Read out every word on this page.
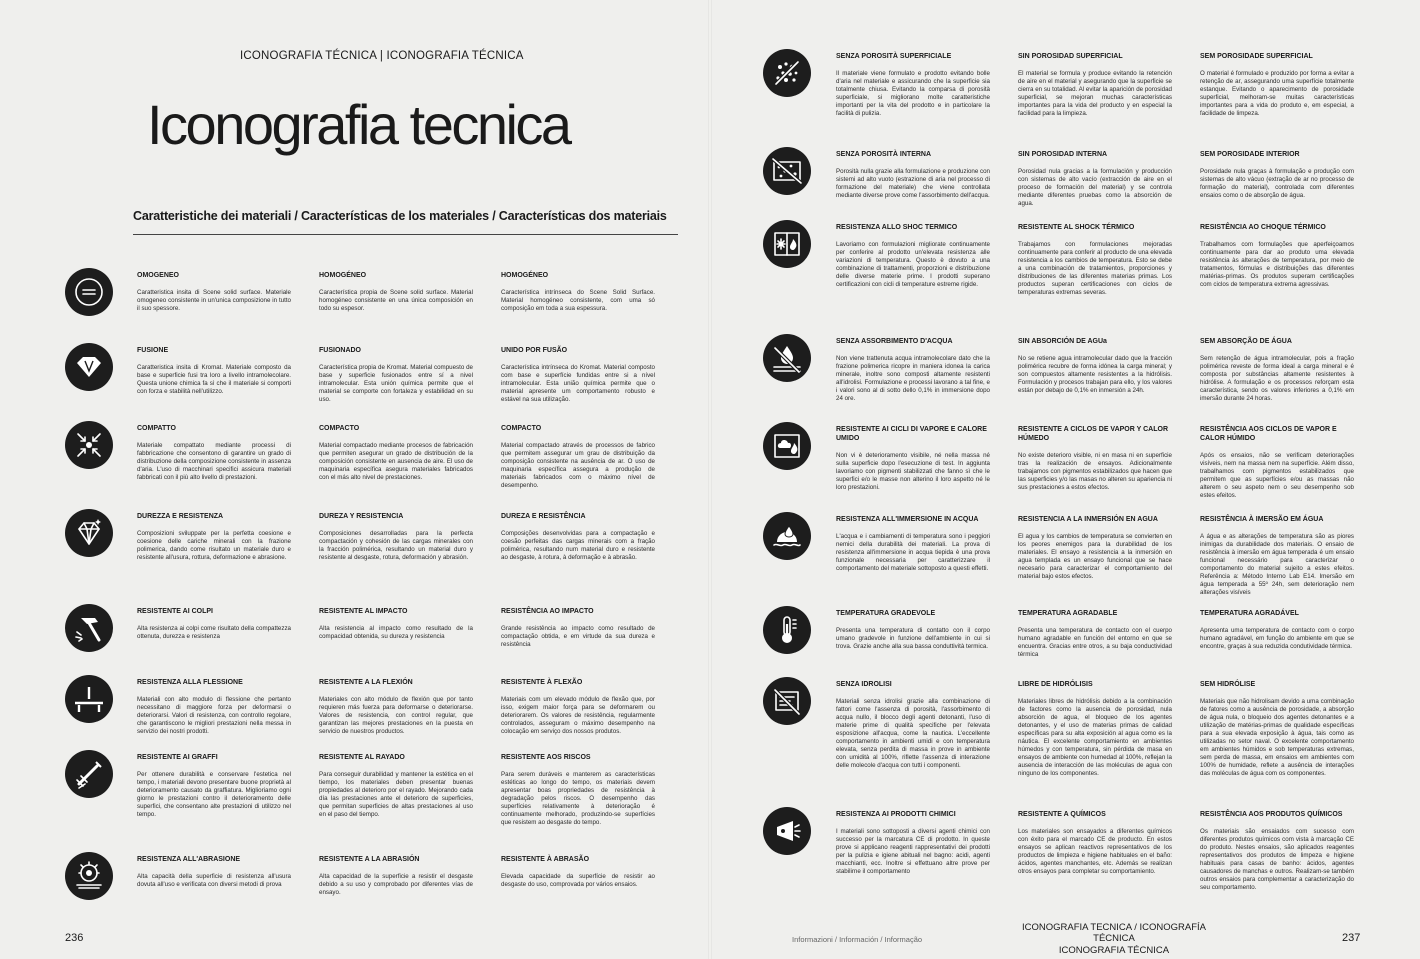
ICONOGRAFIA TÉCNICA | ICONOGRAFIA TÉCNICA
Iconografia tecnica
Caratteristiche dei materiali / Características de los materiales / Características dos materiais

OMOGENEO

Caratteristica insita di Scene solid surface. Materiale omogeneo consistente in un'unica composizione in tutto il suo spessore.

HOMOGÉNEO

Característica propia de Scene solid surface. Material homogéneo consistente en una única composición en todo su espesor.

HOMOGÉNEO

Característica intrínseca do Scene Solid Surface. Material homogéneo consistente, com uma só composição em toda a sua espessura.

FUSIONE

Caratteristica insita di Kromat. Materiale composto da base e superficie fusi tra loro a livello intramolecolare. Questa unione chimica fa sì che il materiale si comporti con forza e stabilità nell'utilizzo.

FUSIONADO

Característica propia de Kromat. Material compuesto de base y superficie fusionados entre sí a nivel intramolecular. Esta unión química permite que el material se comporte con fortaleza y estabilidad en su uso.

UNIDO POR FUSÃO

Característica intrínseca do Kromat. Material composto com base e superfície fundidas entre si a nível intramolecular. Esta união química permite que o material apresente um comportamento robusto e estável na sua utilização.

COMPATTO

Materiale compattato mediante processi di fabbricazione che consentono di garantire un grado di distribuzione della composizione consistente in assenza d'aria. L'uso di macchinari specifici assicura materiali fabbricati con il più alto livello di prestazioni.

COMPACTO

Material compactado mediante procesos de fabricación que permiten asegurar un grado de distribución de la composición consistente en ausencia de aire. El uso de maquinaria específica asegura materiales fabricados con el más alto nivel de prestaciones.

COMPACTO

Material compactado através de processos de fabrico que permitem assegurar um grau de distribuição da composição consistente na ausência de ar. O uso de maquinaria específica assegura a produção de materiais fabricados com o máximo nível de desempenho.

DUREZZA E RESISTENZA

Composizioni sviluppate per la perfetta coesione e coesione delle cariche minerali con la frazione polimerica, dando come risultato un materiale duro e resistente all'usura, rottura, deformazione e abrasione.

DUREZA Y RESISTENCIA

Composiciones desarrolladas para la perfecta compactación y cohesión de las cargas minerales con la fracción polimérica, resultando un material duro y resistente al desgaste, rotura, deformación y abrasión.

DUREZA E RESISTÊNCIA

Composições desenvolvidas para a compactação e coesão perfeitas das cargas minerais com a fração polimérica, resultando num material duro e resistente ao desgaste, à rotura, à deformação e à abrasão.

RESISTENTE AI COLPI

Alta resistenza ai colpi come risultato della compattezza ottenuta, durezza e resistenza

RESISTENTE AL IMPACTO

Alta resistencia al impacto como resultado de la compacidad obtenida, su dureza y resistencia

RESISTÊNCIA AO IMPACTO

Grande resistência ao impacto como resultado de compactação obtida, e em virtude da sua dureza e resistência

RESISTENZA ALLA FLESSIONE

Materiali con alto modulo di flessione che pertanto necessitano di maggiore forza per deformarsi o deteriorarsi. Valori di resistenza, con controllo regolare, che garantiscono le migliori prestazioni nella messa in servizio dei nostri prodotti.

RESISTENTE A LA FLEXIÓN

Materiales con alto módulo de flexión que por tanto requieren más fuerza para deformarse o deteriorarse. Valores de resistencia, con control regular, que garantizan las mejores prestaciones en la puesta en servicio de nuestros productos.

RESISTENTE À FLEXÃO

Materiais com um elevado módulo de flexão que, por isso, exigem maior força para se deformarem ou deteriorarem. Os valores de resistência, regularmente controlados, asseguram o máximo desempenho na colocação em serviço dos nossos produtos.

RESISTENTE AI GRAFFI

Per ottenere durabilità e conservare l'estetica nel tempo, i materiali devono presentare buone proprietà al deterioramento causato da graffiatura. Miglioriamo ogni giorno le prestazioni contro il deterioramento delle superfici, che consentano alte prestazioni di utilizzo nel tempo.

RESISTENTE AL RAYADO

Para conseguir durabilidad y mantener la estética en el tiempo, los materiales deben presentar buenas propiedades al deterioro por el rayado. Mejorando cada día las prestaciones ante el deterioro de superficies, que permitan superficies de altas prestaciones al uso en el paso del tiempo.

RESISTENTE AOS RISCOS

Para serem duráveis e manterem as características estéticas ao longo do tempo, os materiais devem apresentar boas propriedades de resistência à degradação pelos riscos. O desempenho das superfícies relativamente à deterioração é continuamente melhorado, produzindo-se superfícies que resistem ao desgaste do tempo.

RESISTENZA ALL'ABRASIONE

Alta capacità della superficie di resistenza all'usura dovuta all'uso e verificata con diversi metodi di prova

RESISTENTE A LA ABRASIÓN

Alta capacidad de la superficie a resistir el desgaste debido a su uso y comprobado por diferentes vías de ensayo.

RESISTENTE À ABRASÃO

Elevada capacidade da superfície de resistir ao desgaste do uso, comprovada por vários ensaios.

236

SENZA POROSITÀ SUPERFICIALE

Il materiale viene formulato e prodotto evitando bolle d'aria nel materiale e assicurando che la superficie sia totalmente chiusa. Evitando la comparsa di porosità superficiale, si migliorano molte caratteristiche importanti per la vita del prodotto e in particolare la facilità di pulizia.

SIN POROSIDAD SUPERFICIAL

El material se formula y produce evitando la retención de aire en el material y asegurando que la superficie se cierra en su totalidad. Al evitar la aparición de porosidad superficial, se mejoran muchas características importantes para la vida del producto y en especial la facilidad para la limpieza.

SEM POROSIDADE SUPERFICIAL

O material é formulado e produzido por forma a evitar a retenção de ar, assegurando uma superfície totalmente estanque. Evitando o aparecimento de porosidade superficial, melhoram-se muitas características importantes para a vida do produto e, em especial, a facilidade de limpeza.

SENZA POROSITÀ INTERNA

Porosità nulla grazie alla formulazione e produzione con sistemi ad alto vuoto (estrazione di aria nel processo di formazione del materiale) che viene controllata mediante diverse prove come l'assorbimento dell'acqua.

SIN POROSIDAD INTERNA

Porosidad nula gracias a la formulación y producción con sistemas de alto vacío (extracción de aire en el proceso de formación del material) y se controla mediante diferentes pruebas como la absorción de agua.

SEM POROSIDADE INTERIOR

Porosidade nula graças à formulação e produção com sistemas de alto vácuo (extração de ar no processo de formação do material), controlada com diferentes ensaios como o de absorção de água.

RESISTENZA ALLO SHOC TERMICO

Lavoriamo con formulazioni migliorate continuamente per conferire al prodotto un'elevata resistenza alle variazioni di temperatura. Questo è dovuto a una combinazione di trattamenti, proporzioni e distribuzione delle diverse materie prime. I prodotti superano certificazioni con cicli di temperature estreme rigide.

RESISTENTE AL SHOCK TÉRMICO

Trabajamos con formulaciones mejoradas continuamente para conferir al producto de una elevada resistencia a los cambios de temperatura. Esto se debe a una combinación de tratamientos, proporciones y distribuciones de las diferentes materias primas. Los productos superan certificaciones con ciclos de temperaturas extremas severas.

RESISTÊNCIA AO CHOQUE TÉRMICO

Trabalhamos com formulações que aperfeiçoamos continuamente para dar ao produto uma elevada resistência às alterações de temperatura, por meio de tratamentos, fórmulas e distribuições das diferentes matérias-primas. Os produtos superam certificações com ciclos de temperatura extrema agressivas.

SENZA ASSORBIMENTO D'ACQUA

Non viene trattenuta acqua intramolecolare dato che la frazione polimerica ricopre in maniera idonea la carica minerale, inoltre sono composti altamente resistenti all'idrolisi. Formulazione e processi lavorano a tal fine, e i valori sono al di sotto dello 0,1% in immersione dopo 24 ore.

SIN ABSORCIÓN DE AGUa

No se retiene agua intramolecular dado que la fracción polimérica recubre de forma idónea la carga mineral; y son compuestos altamente resistentes a la hidrólisis. Formulación y procesos trabajan para ello, y los valores están por debajo de 0,1% en inmersión a 24h.

SEM ABSORÇÃO DE ÁGUA

Sem retenção de água intramolecular, pois a fração polimérica reveste de forma ideal a carga mineral e é composta por substâncias altamente resistentes à hidrólise. A formulação e os processos reforçam esta característica, sendo os valores inferiores a 0,1% em imersão durante 24 horas.

RESISTENTE AI CICLI DI VAPORE E CALORE UMIDO

Non vi è deterioramento visibile, né nella massa né sulla superficie dopo l'esecuzione di test. In aggiunta lavoriamo con pigmenti stabilizzati che fanno sì che le superfici e/o le masse non alterino il loro aspetto né le loro prestazioni.

RESISTENTE A CICLOS DE VAPOR Y CALOR HÚMEDO

No existe deterioro visible, ni en masa ni en superficie tras la realización de ensayos. Adicionalmente trabajamos con pigmentos estabilizados que hacen que las superficies y/o las masas no alteren su apariencia ni sus prestaciones a estos efectos.

RESISTÊNCIA AOS CICLOS DE VAPOR E CALOR HÚMIDO

Após os ensaios, não se verificam deteriorações visíveis, nem na massa nem na superfície. Além disso, trabalhamos com pigmentos estabilizados que permitem que as superfícies e/ou as massas não alterem o seu aspeto nem o seu desempenho sob estes efeitos.

RESISTENZA ALL'IMMERSIONE IN ACQUA

L'acqua e i cambiamenti di temperatura sono i peggiori nemici della durabilità dei materiali. La prova di resistenza all'immersione in acqua tiepida è una prova funzionale necessaria per caratterizzare il comportamento del materiale sottoposto a questi effetti.

RESISTENCIA A LA INMERSIÓN EN AGUA

El agua y los cambios de temperatura se convierten en los peores enemigos para la durabilidad de los materiales. El ensayo a resistencia a la inmersión en agua templada es un ensayo funcional que se hace necesario para caracterizar el comportamiento del material bajo estos efectos.

RESISTÊNCIA À IMERSÃO EM ÁGUA

A água e as alterações de temperatura são as piores inimigas da durabilidade dos materiais. O ensaio de resistência à imersão em água temperada é um ensaio funcional necessário para caracterizar o comportamento do material sujeito a estes efeitos. Referência a: Método Interno Lab E14. Imersão em água temperada a 55º 24h, sem deterioração nem alterações visíveis

TEMPERATURA GRADEVOLE

Presenta una temperatura di contatto con il corpo umano gradevole in funzione dell'ambiente in cui si trova. Grazie anche alla sua bassa conduttività termica.

TEMPERATURA AGRADABLE

Presenta una temperatura de contacto con el cuerpo humano agradable en función del entorno en que se encuentra. Gracias entre otros, a su baja conductividad térmica

TEMPERATURA AGRADÁVEL

Apresenta uma temperatura de contacto com o corpo humano agradável, em função do ambiente em que se encontre, graças à sua reduzida condutividade térmica.

SENZA IDROLISI

Materiali senza idrolisi grazie alla combinazione di fattori come l'assenza di porosità, l'assorbimento di acqua nullo, il blocco degli agenti detonanti, l'uso di materie prime di qualità specifiche per l'elevata esposizione all'acqua, come la nautica. L'eccellente comportamento in ambienti umidi e con temperatura elevata, senza perdita di massa in prove in ambiente con umidità al 100%, riflette l'assenza di interazione delle molecole d'acqua con tutti i componenti.

LIBRE DE HIDRÓLISIS

Materiales libres de hidrólisis debido a la combinación de factores como la ausencia de porosidad, nula absorción de agua, el bloqueo de los agentes detonantes, y el uso de materias primas de calidad específicas para su alta exposición al agua como es la náutica. El excelente comportamiento en ambientes húmedos y con temperatura, sin pérdida de masa en ensayos de ambiente con humedad al 100%, reflejan la ausencia de interacción de las moléculas de agua con ninguno de los componentes.

SEM HIDRÓLISE

Materiais que não hidrolisam devido a uma combinação de fatores como a ausência de porosidade, a absorção de água nula, o bloqueio dos agentes detonantes e a utilização de matérias-primas de qualidade específicas para a sua elevada exposição à água, tais como as utilizadas no setor naval. O excelente comportamento em ambientes húmidos e sob temperaturas extremas, sem perda de massa, em ensaios em ambientes com 100% de humidade, reflete a ausência de interações das moléculas de água com os componentes.

RESISTENZA AI PRODOTTI CHIMICI

I materiali sono sottoposti a diversi agenti chimici con successo per la marcatura CE di prodotto. In queste prove si applicano reagenti rappresentativi dei prodotti per la pulizia e igiene abituali nel bagno: acidi, agenti macchianti, ecc. Inoltre si effettuano altre prove per stabilirne il comportamento

RESISTENTE A QUÍMICOS

Los materiales son ensayados a diferentes químicos con éxito para el marcado CE de producto. En estos ensayos se aplican reactivos representativos de los productos de limpieza e higiene habituales en el baño: ácidos, agentes manchantes, etc. Además se realizan otros ensayos para completar su comportamiento.

RESISTÊNCIA AOS PRODUTOS QUÍMICOS

Os materiais são ensaiados com sucesso com diferentes produtos químicos com vista à marcação CE do produto. Nestes ensaios, são aplicados reagentes representativos dos produtos de limpeza e higiene habituais para casas de banho: ácidos, agentes causadores de manchas e outros. Realizam-se também outros ensaios para complementar a caracterização do seu comportamento.

Informazioni / Información / Informação
ICONOGRAFIA TECNICA / ICONOGRAFÍA TÉCNICA
ICONOGRAFIA TÉCNICA
237
